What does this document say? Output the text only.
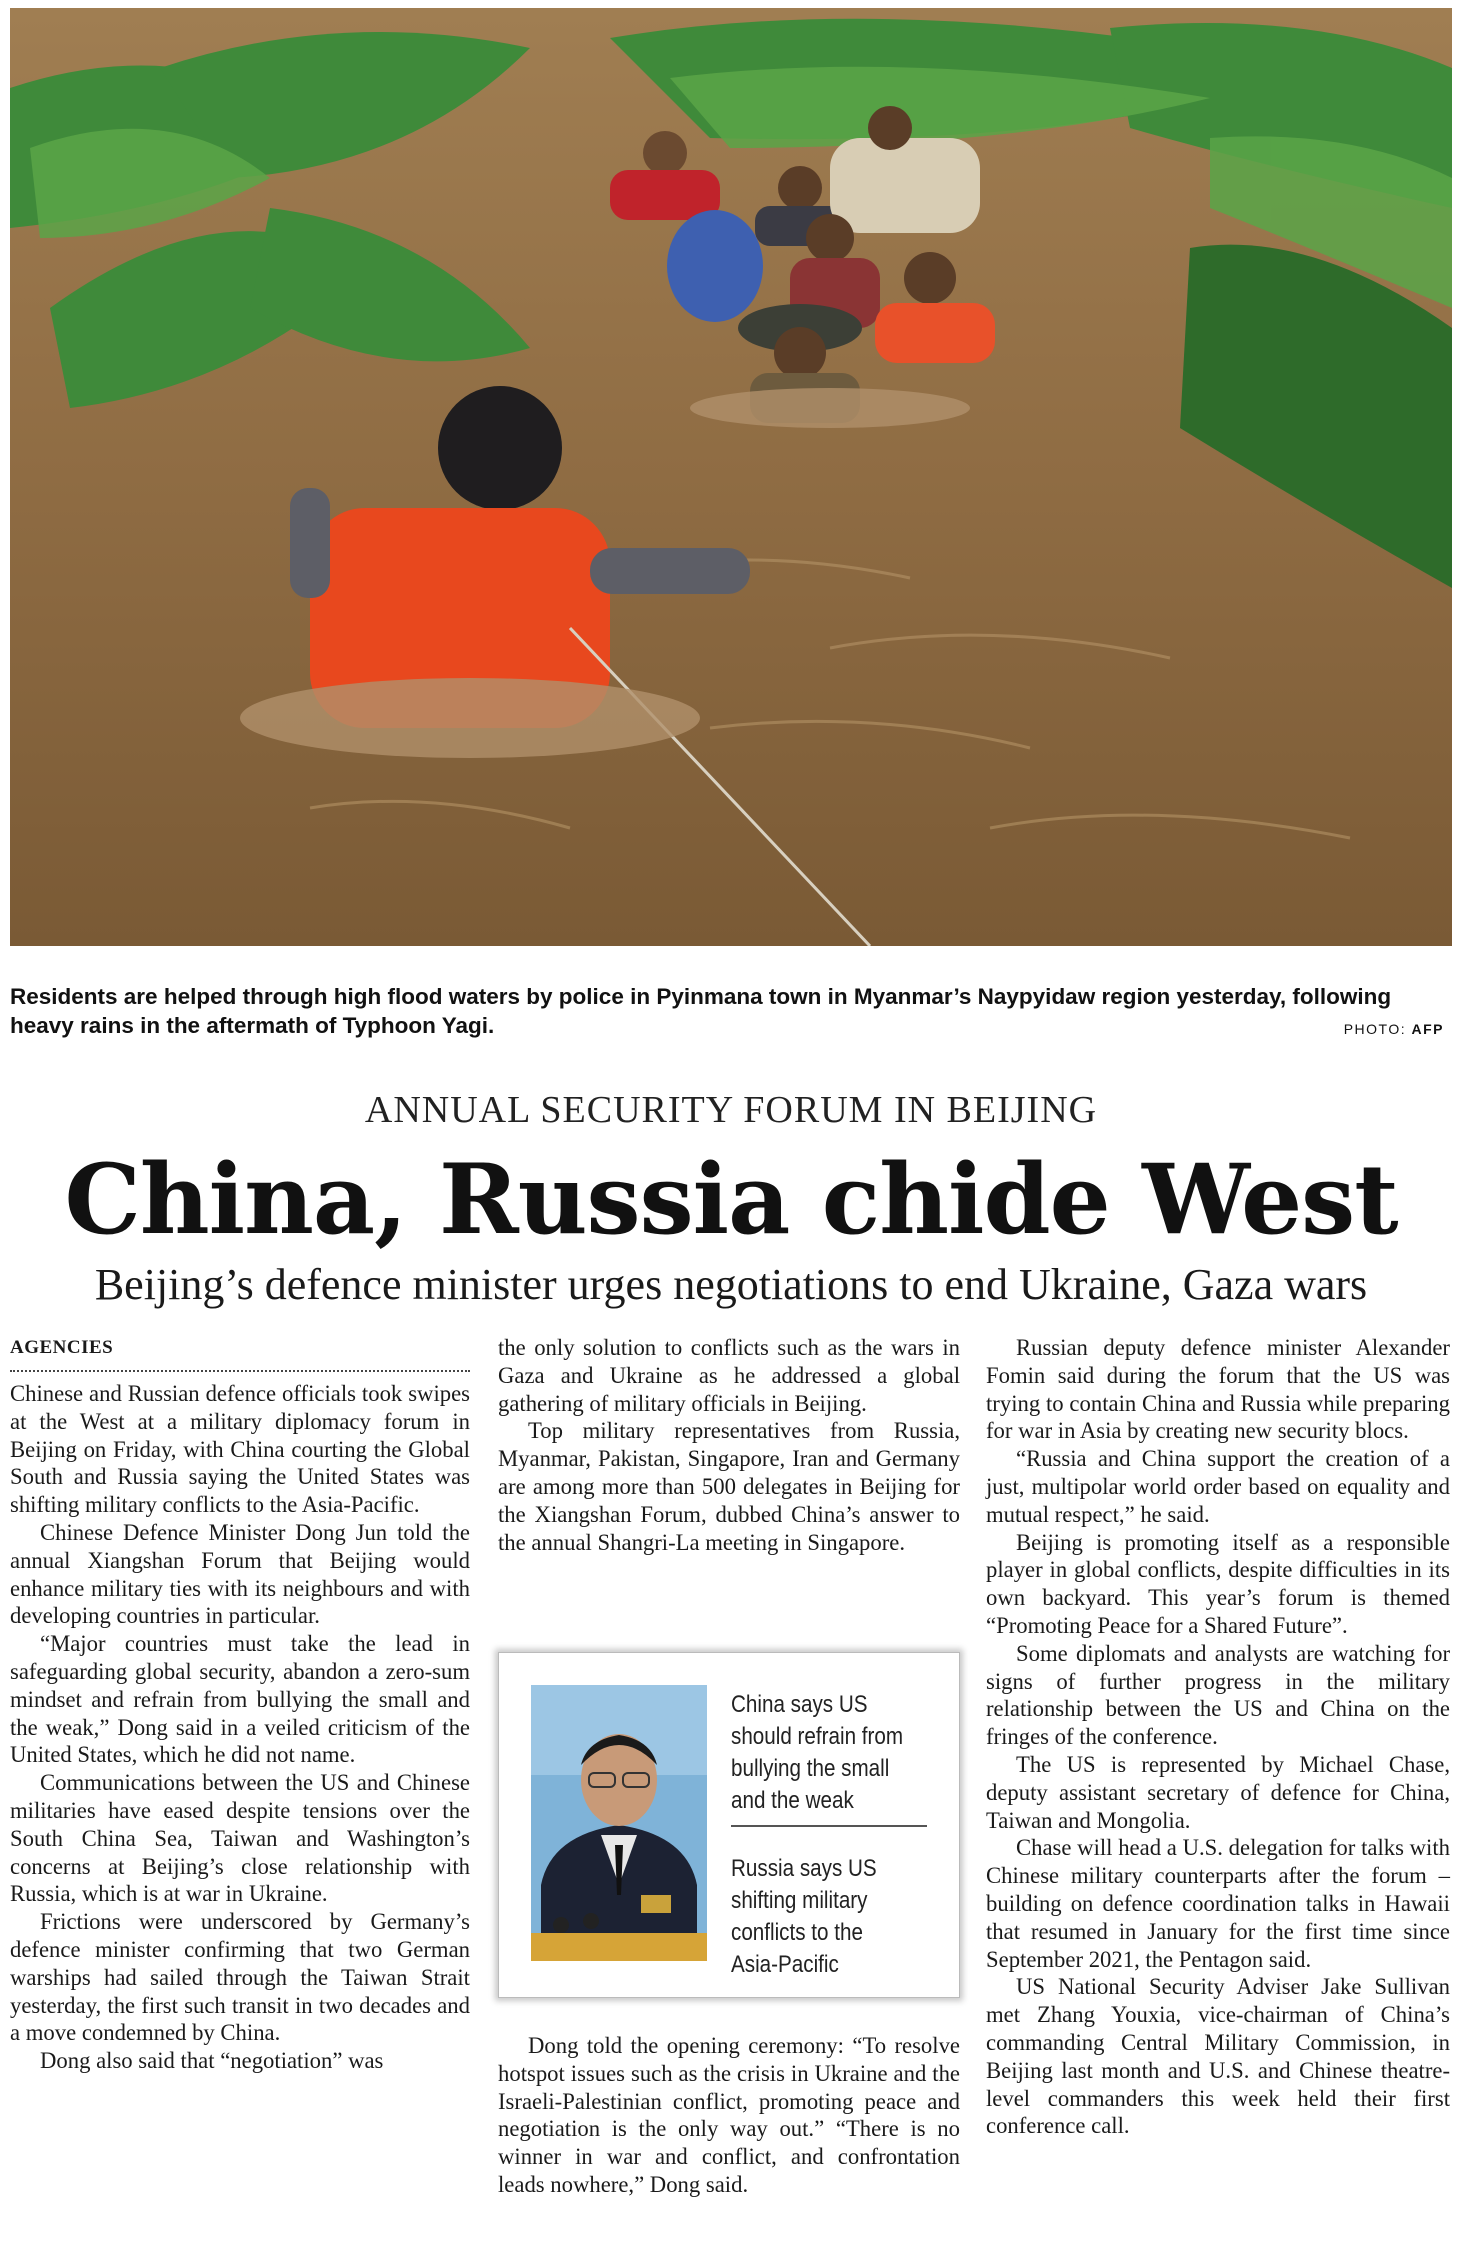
Residents are helped through high flood waters by police in Pyinmana town in Myanmar’s Naypyidaw region yesterday, following heavy rains in the aftermath of Typhoon Yagi.	PHOTO: AFP
ANNUAL SECURITY FORUM IN BEIJING
China, Russia chide West
Beijing’s defence minister urges negotiations to end Ukraine, Gaza wars
AGENCIES

Chinese and Russian defence officials took swipes at the West at a military diplomacy forum in Beijing on Friday, with China courting the Global South and Russia saying the United States was shifting military conflicts to the Asia-Pacific.

Chinese Defence Minister Dong Jun told the annual Xiangshan Forum that Beijing would enhance military ties with its neighbours and with developing countries in particular.

“Major countries must take the lead in safeguarding global security, abandon a zero-sum mindset and refrain from bullying the small and the weak,” Dong said in a veiled criticism of the United States, which he did not name.

Communications between the US and Chinese militaries have eased despite tensions over the South China Sea, Taiwan and Washington’s concerns at Beijing’s close relationship with Russia, which is at war in Ukraine.

Frictions were underscored by Germany’s defence minister confirming that two German warships had sailed through the Taiwan Strait yesterday, the first such transit in two decades and a move condemned by China.

Dong also said that “negotiation” was

the only solution to conflicts such as the wars in Gaza and Ukraine as he addressed a global gathering of military officials in Beijing.

Top military representatives from Russia, Myanmar, Pakistan, Singapore, Iran and Germany are among more than 500 delegates in Beijing for the Xiangshan Forum, dubbed China’s answer to the annual Shangri-La meeting in Singapore.

China says US should refrain from bullying the small and the weak
Russia says US shifting military conflicts to the Asia-Pacific

Dong told the opening ceremony: “To resolve hotspot issues such as the crisis in Ukraine and the Israeli-Palestinian conflict, promoting peace and negotiation is the only way out.” “There is no winner in war and conflict, and confrontation leads nowhere,” Dong said.

Russian deputy defence minister Alexander Fomin said during the forum that the US was trying to contain China and Russia while preparing for war in Asia by creating new security blocs.

“Russia and China support the creation of a just, multipolar world order based on equality and mutual respect,” he said.

Beijing is promoting itself as a responsible player in global conflicts, despite difficulties in its own backyard. This year’s forum is themed “Promoting Peace for a Shared Future”.

Some diplomats and analysts are watching for signs of further progress in the military relationship between the US and China on the fringes of the conference.

The US is represented by Michael Chase, deputy assistant secretary of defence for China, Taiwan and Mongolia.

Chase will head a U.S. delegation for talks with Chinese military counterparts after the forum – building on defence coordination talks in Hawaii that resumed in January for the first time since September 2021, the Pentagon said.

US National Security Adviser Jake Sullivan met Zhang Youxia, vice-chairman of China’s commanding Central Military Commission, in Beijing last month and U.S. and Chinese theatre-level commanders this week held their first conference call.
